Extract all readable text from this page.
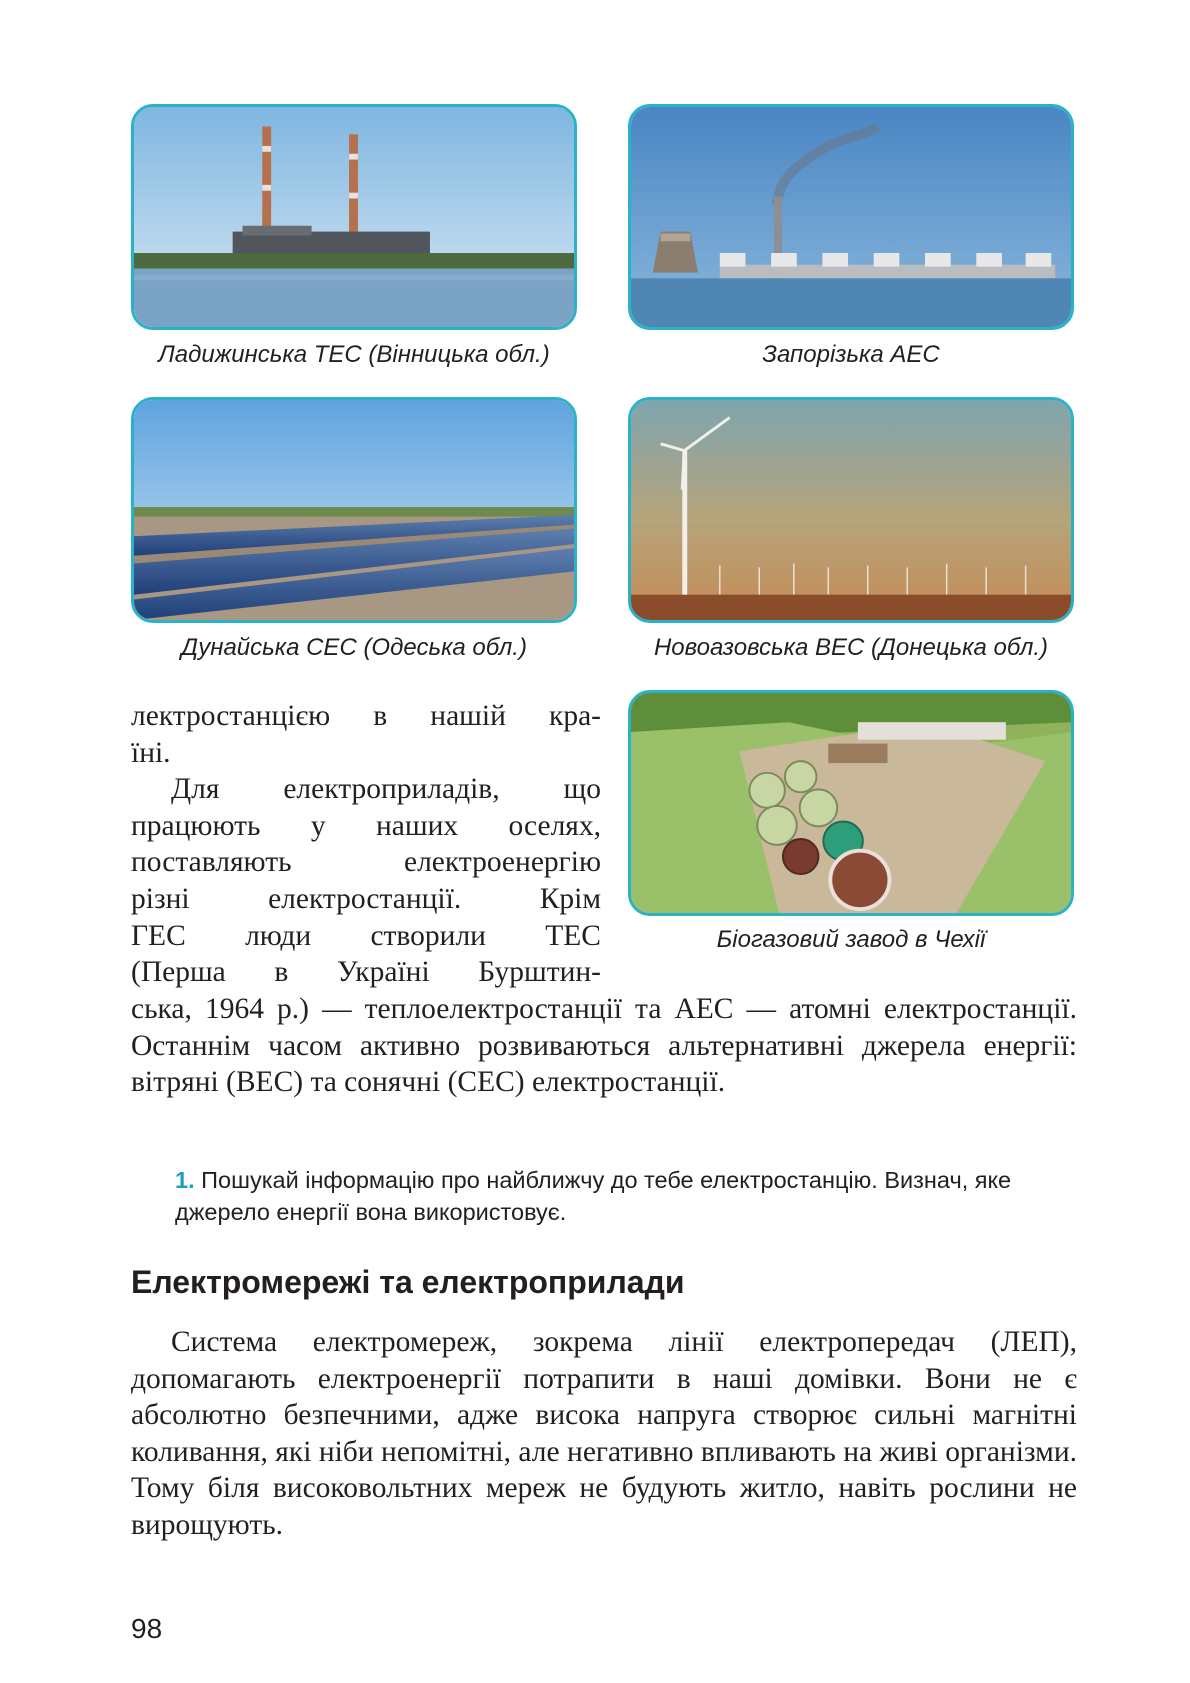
Ладижинська ТЕС (Вінницька обл.)	Запорізька АЕС
Дунайська СЕС (Одеська обл.)	Новоазовська ВЕС (Донецька обл.)
Біогазовий завод в Чехії
лектростанцією в нашій кра-
їні.
Для електроприладів, що
працюють у наших оселях,
поставляють електроенергію
різні електростанції. Крім
ГЕС люди створили ТЕС
(Перша в Україні Бурштин-

ська, 1964 р.) — теплоелектростанції та АЕС — атомні електростанції. Останнім часом активно розвиваються альтернативні джерела енергії: вітряні (ВЕС) та сонячні (СЕС) електростанції.

1. Пошукай інформацію про найближчу до тебе електростанцію. Визнач, яке джерело енергії вона використовує.
Електромережі та електроприлади

Система електромереж, зокрема лінії електропередач (ЛЕП), допомагають електроенергії потрапити в наші домівки. Вони не є абсолютно безпечними, адже висока напруга створює сильні магнітні коливання, які ніби непомітні, але негативно впливають на живі організми. Тому біля високовольтних мереж не будують житло, навіть рослини не вирощують.

98
